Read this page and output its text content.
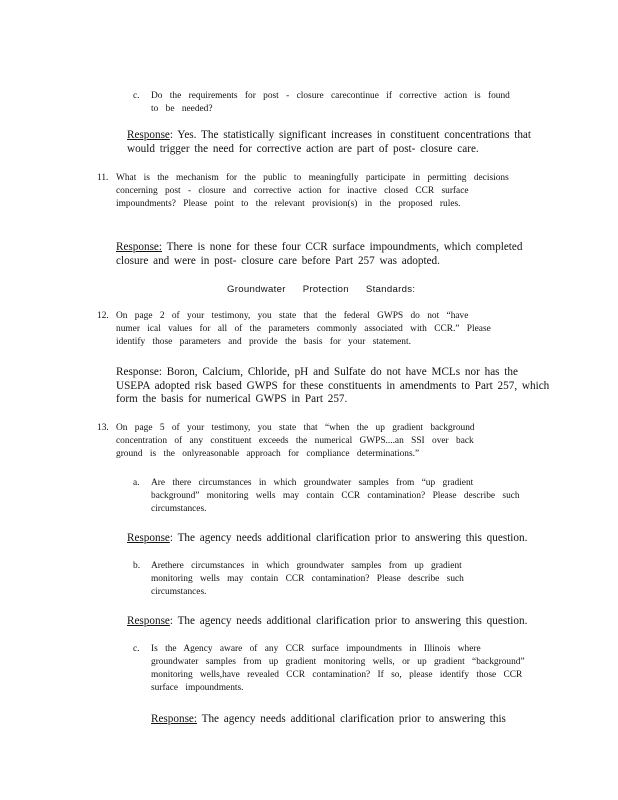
c. Do the requirements for post - closure carecontinue if corrective action is found to be needed?
Response: Yes. The statistically significant increases in constituent concentrations that would trigger the need for corrective action are part of post- closure care.
11. What is the mechanism for the public to meaningfully participate in permitting decisions concerning post - closure and corrective action for inactive closed CCR surface impoundments? Please point to the relevant provision(s) in the proposed rules.
Response: There is none for these four CCR surface impoundments, which completed closure and were in post- closure care before Part 257 was adopted.
Groundwater Protection Standards:
12. On page 2 of your testimony, you state that the federal GWPS do not “have numer ical values for all of the parameters commonly associated with CCR.” Please identify those parameters and provide the basis for your statement.
Response: Boron, Calcium, Chloride, pH and Sulfate do not have MCLs nor has the USEPA adopted risk based GWPS for these constituents in amendments to Part 257, which form the basis for numerical GWPS in Part 257.
13. On page 5 of your testimony, you state that “when the up gradient background concentration of any constituent exceeds the numerical GWPS....an SSI over back ground is the onlyreasonable approach for compliance determinations.”
a. Are there circumstances in which groundwater samples from “up gradient background” monitoring wells may contain CCR contamination? Please describe such circumstances.
Response: The agency needs additional clarification prior to answering this question.
b. Arethere circumstances in which groundwater samples from up gradient monitoring wells may contain CCR contamination? Please describe such circumstances.
Response: The agency needs additional clarification prior to answering this question.
c. Is the Agency aware of any CCR surface impoundments in Illinois where groundwater samples from up gradient monitoring wells, or up gradient “background” monitoring wells,have revealed CCR contamination? If so, please identify those CCR surface impoundments.
Response: The agency needs additional clarification prior to answering this
